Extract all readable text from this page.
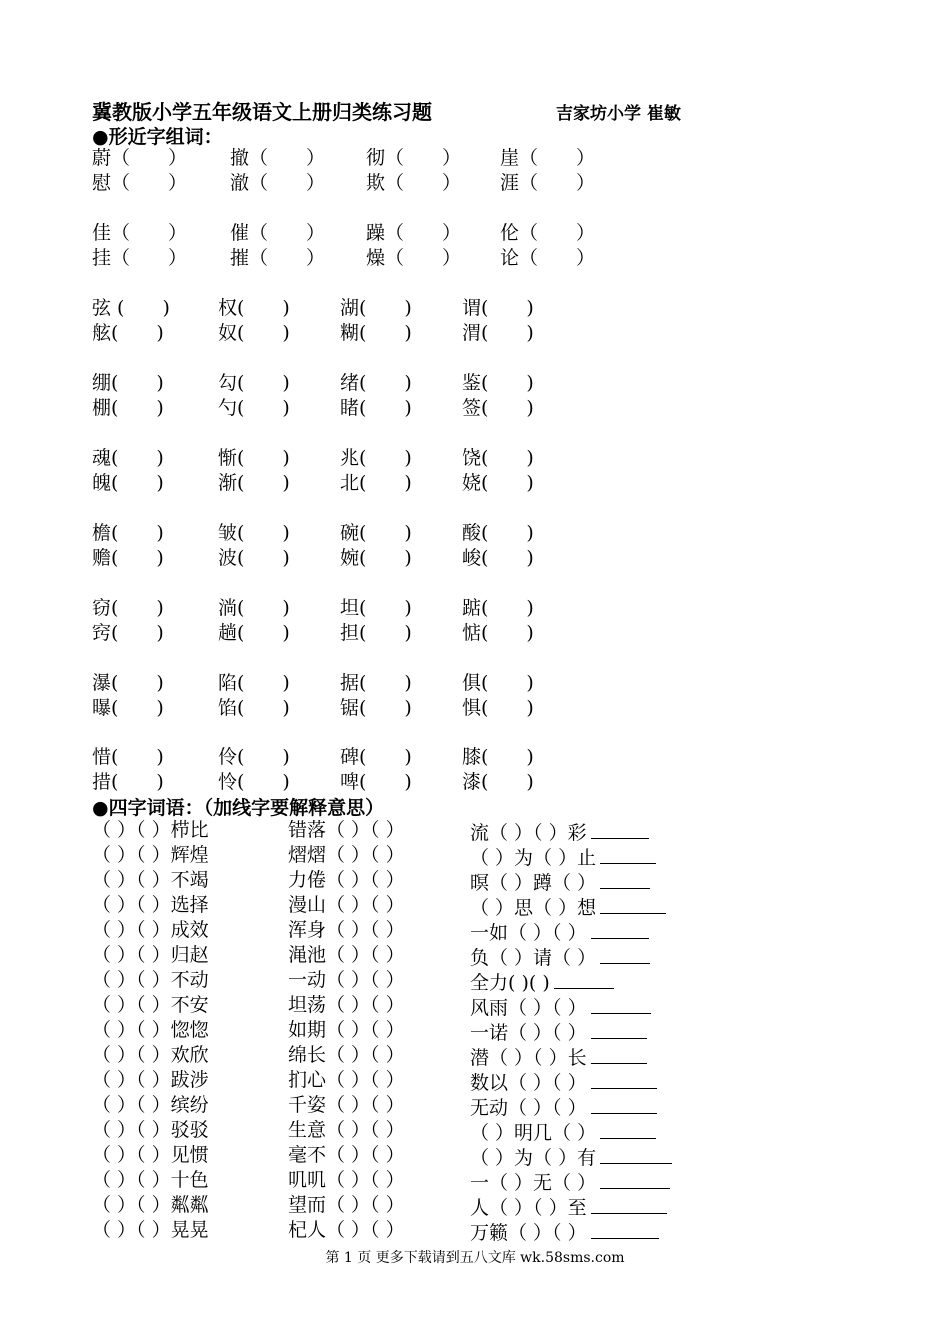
冀教版小学五年级语文上册归类练习题	吉家坊小学 崔敏
●形近字组词：
蔚（　　） 撤（　　） 彻（　　） 崖（　　）
慰（　　） 澈（　　） 欺（　　） 涯（　　）
佳（　　） 催（　　） 躁（　　） 伦（　　）
挂（　　） 摧（　　） 燥（　　） 论（　　）
弦 (　　)	权(　　)	湖(　　)	谓(　　)
舷(　　)	奴(　　)	糊(　　)	渭(　　)
绷(　　)	勾(　　)	绪(　　)	鉴(　　)
棚(　　)	勺(　　)	睹(　　)	签(　　)
魂(　　)	惭(　　)	兆(　　)	饶(　　)
魄(　　)	渐(　　)	北(　　)	娆(　　)
檐(　　)	皱(　　)	碗(　　)	酸(　　)
赡(　　)	波(　　)	婉(　　)	峻(　　)
窃(　　)	淌(　　)	坦(　　)	踮(　　)
窍(　　)	趟(　　)	担(　　)	惦(　　)
瀑(　　)	陷(　　)	据(　　)	俱(　　)
曝(　　)	馅(　　)	锯(　　)	惧(　　)
惜(　　)	伶(　　)	碑(　　)	膝(　　)
措(　　)	怜(　　)	啤(　　)	漆(　　)
●四字词语：（加线字要解释意思）
（ ）（ ）栉比	错落（ ）（ ）	流（ ）（ ）彩
（ ）（ ）辉煌	熠熠（ ）（ ）	（ ）为（ ）止
（ ）（ ）不竭	力倦（ ）（ ）	暝（ ）蹲（ ）
（ ）（ ）选择	漫山（ ）（ ）	（ ）思（ ）想
（ ）（ ）成效	浑身（ ）（ ）	一如（ ）（ ）
（ ）（ ）归赵	渑池（ ）（ ）	负（ ）请（ ）
（ ）（ ）不动	一动（ ）（ ）	全力( )( )
（ ）（ ）不安	坦荡（ ）（ ）	风雨（ ）（ ）
（ ）（ ）惚惚	如期（ ）（ ）	一诺（ ）（ ）
（ ）（ ）欢欣	绵长（ ）（ ）	潜（ ）（ ）长
（ ）（ ）跋涉	扪心（ ）（ ）	数以（ ）（ ）
（ ）（ ）缤纷	千姿（ ）（ ）	无动（ ）（ ）
（ ）（ ）驳驳	生意（ ）（ ）	（ ）明几（ ）
（ ）（ ）见惯	毫不（ ）（ ）	（ ）为（ ）有
（ ）（ ）十色	叽叽（ ）（ ）	一（ ）无（ ）
（ ）（ ）粼粼	望而（ ）（ ）	人（ ）（ ）至
（ ）（ ）晃晃	杞人（ ）（ ）	万籁（ ）（ ）
第 1 页 更多下载请到五八文库 wk.58sms.com
